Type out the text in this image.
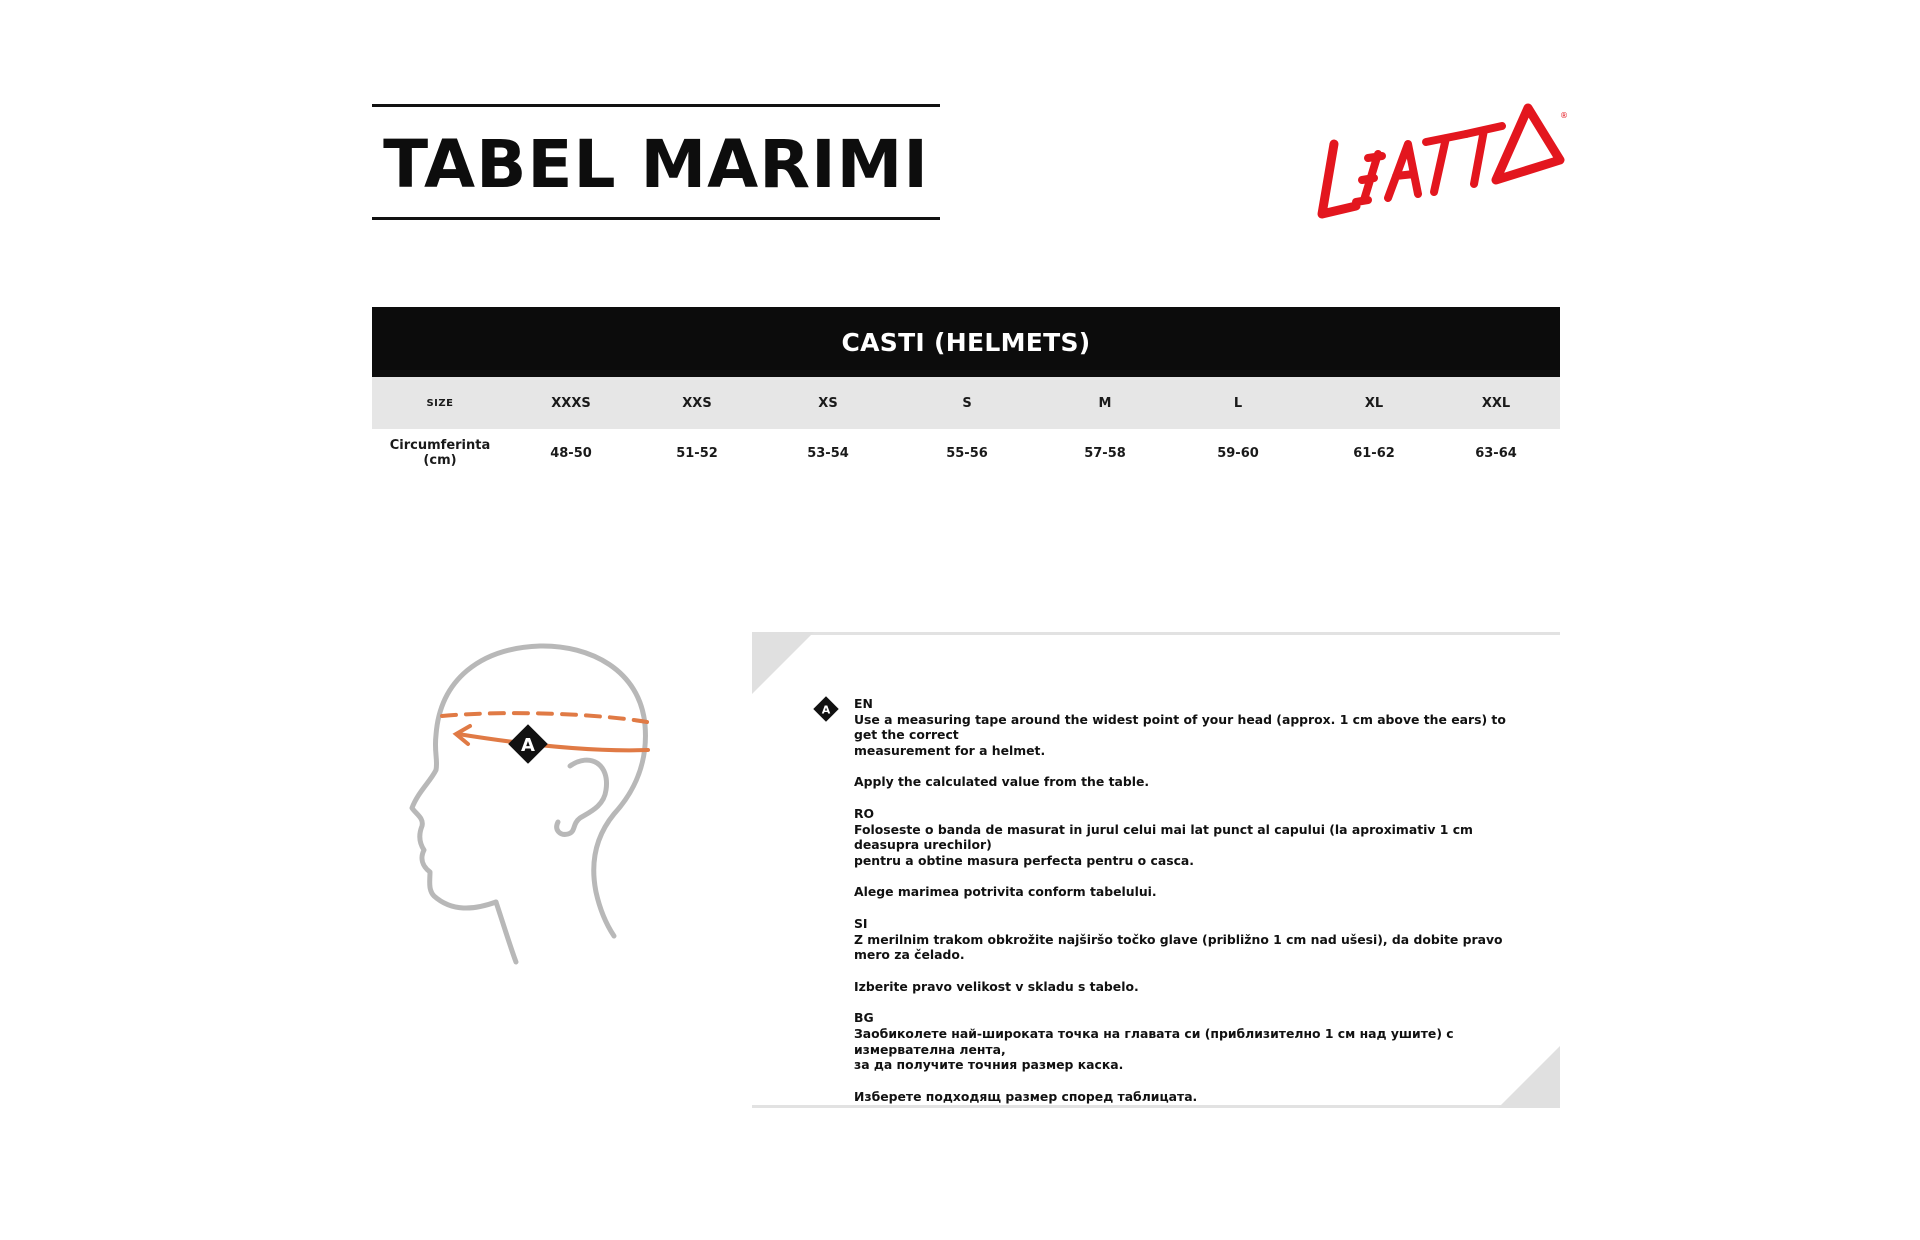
TABEL MARIMI
®
CASTI (HELMETS)
SIZE	XXXS	XXS	XS	S	M	L	XL	XXL
Circumferinta (cm)	48-50	51-52	53-54	55-56	57-58	59-60	61-62	63-64
A
A EN

Use a measuring tape around the widest point of your head (approx. 1 cm above the ears) to get the correct

measurement for a helmet.

Apply the calculated value from the table.

RO

Foloseste o banda de masurat in jurul celui mai lat punct al capului (la aproximativ 1 cm deasupra urechilor)

pentru a obtine masura perfecta pentru o casca.

Alege marimea potrivita conform tabelului.

SI

Z merilnim trakom obkrožite najširšo točko glave (približno 1 cm nad ušesi), da dobite pravo mero za čelado.

Izberite pravo velikost v skladu s tabelo.

BG

Заобиколете най-широката точка на главата си (приблизително 1 см над ушите) с измервателна лента,

за да получите точния размер каска.

Изберете подходящ размер според таблицата.
